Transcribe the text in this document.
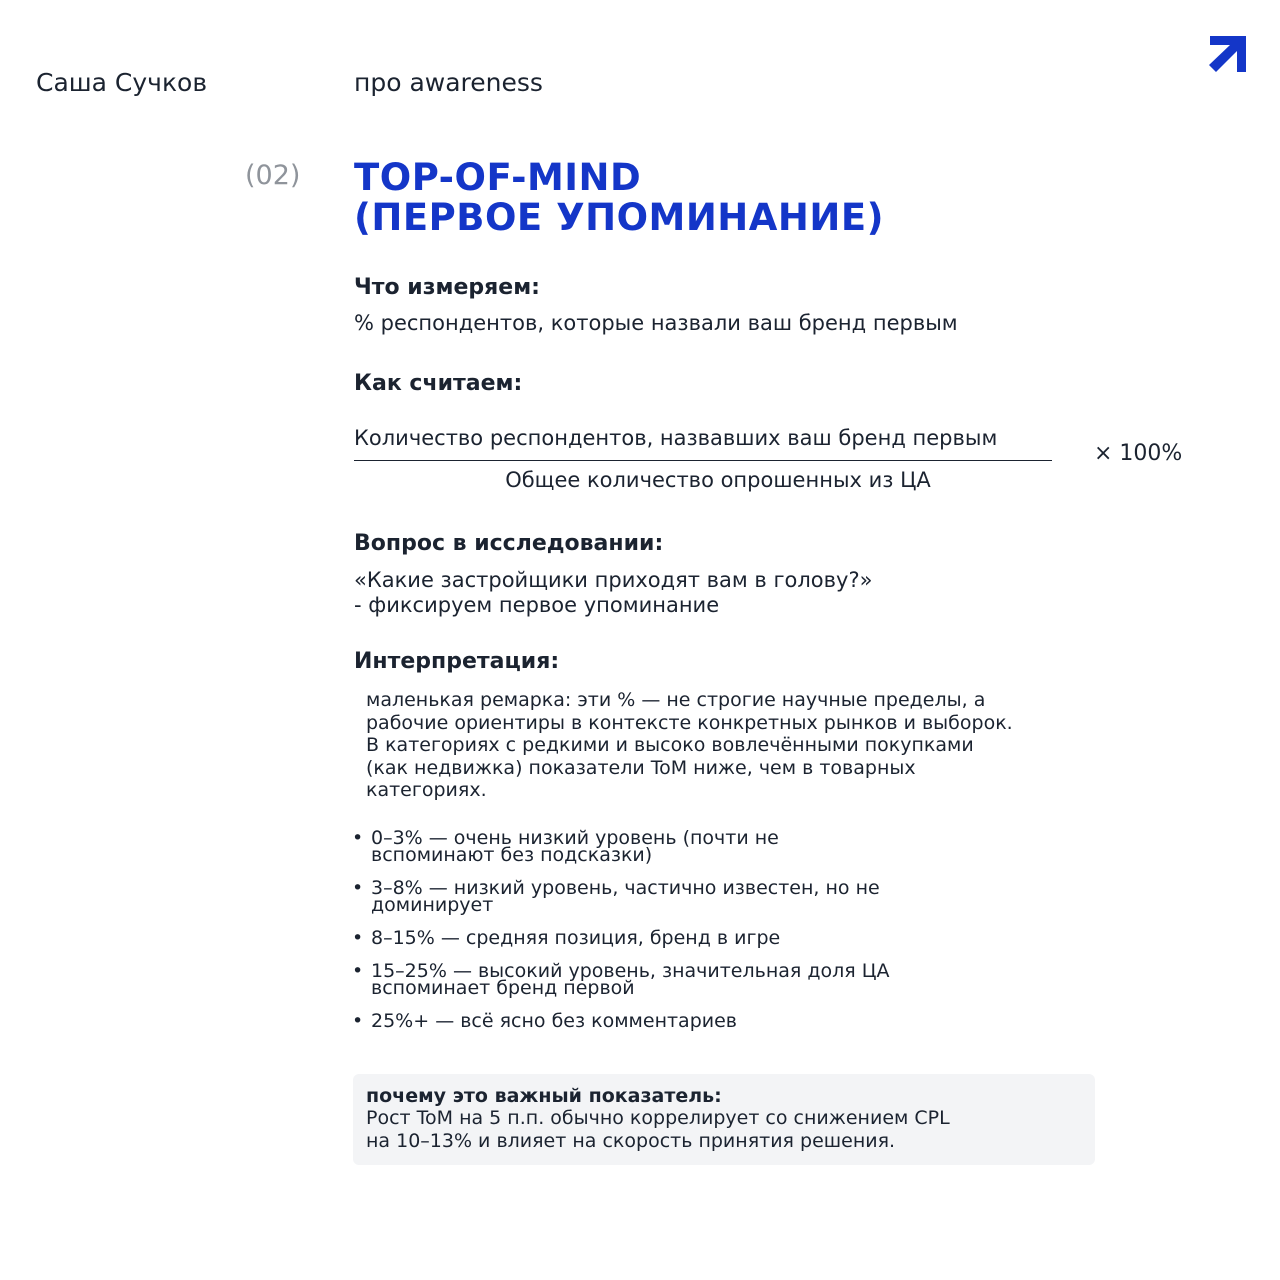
Саша Сучков	про awareness
(02) TOP-OF-MIND
(ПЕРВОЕ УПОМИНАНИЕ)
Что измеряем:
% респондентов, которые назвали ваш бренд первым
Как считаем:
Количество респондентов, назвавших ваш бренд первым
Общее количество опрошенных из ЦА
× 100%
Вопрос в исследовании:
«Какие застройщики приходят вам в голову?»
- фиксируем первое упоминание
Интерпретация:
маленькая ремарка: эти % — не строгие научные пределы, а
рабочие ориентиры в контексте конкретных рынков и выборок.
В категориях с редкими и высоко вовлечёнными покупками
(как недвижка) показатели ToM ниже, чем в товарных
категориях.
• 0–3% — очень низкий уровень (почти не
вспоминают без подсказки)
• 3–8% — низкий уровень, частично известен, но не
доминирует
• 8–15% — средняя позиция, бренд в игре
• 15–25% — высокий уровень, значительная доля ЦА
вспоминает бренд первой
• 25%+ — всё ясно без комментариев
почему это важный показатель:
Рост ToM на 5 п.п. обычно коррелирует со снижением CPL
на 10–13% и влияет на скорость принятия решения.
